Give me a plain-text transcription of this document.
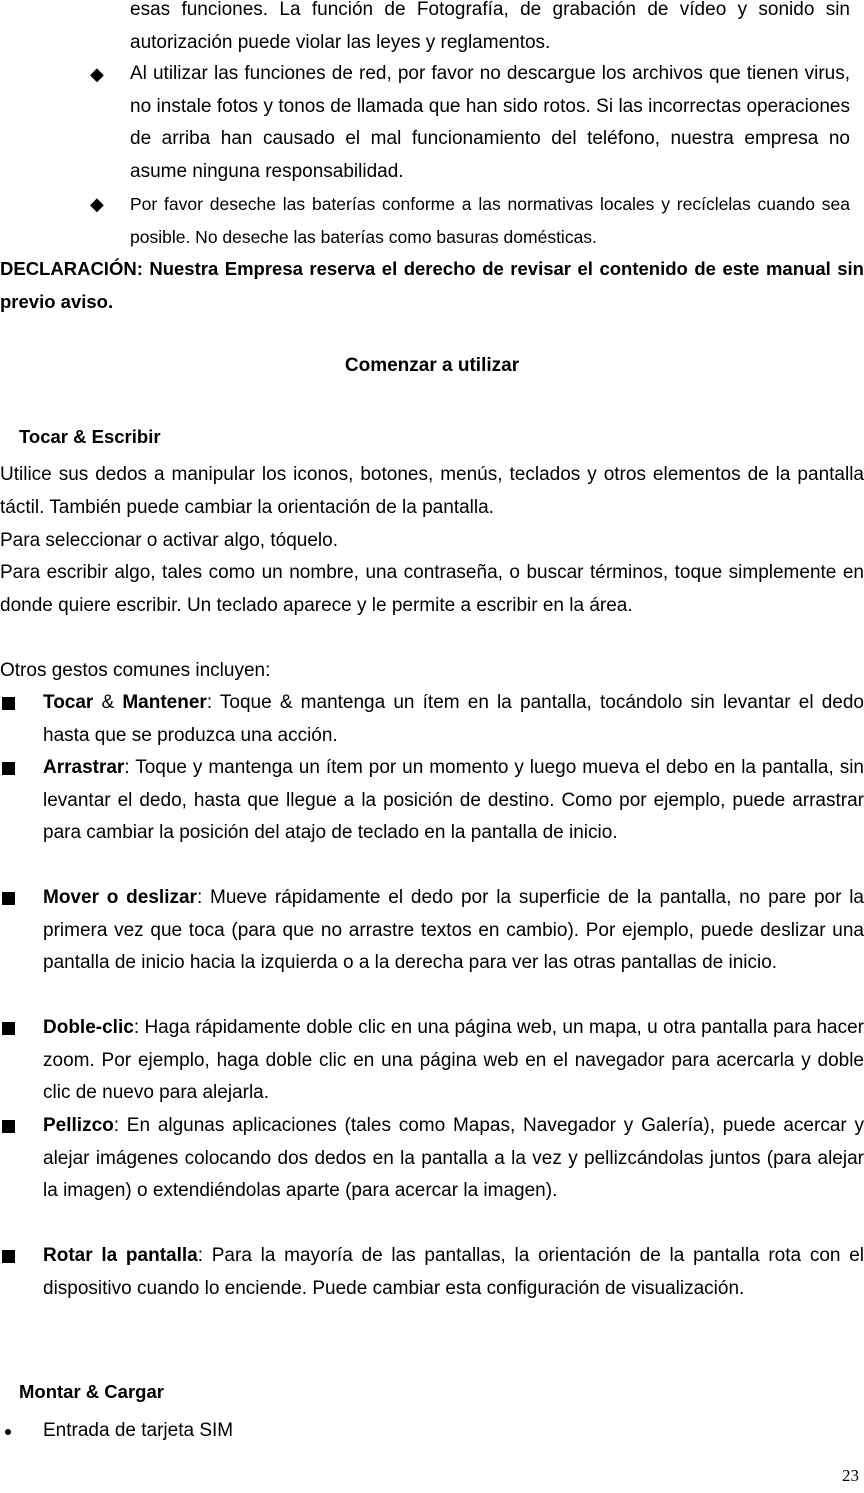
esas funciones. La función de Fotografía, de grabación de vídeo y sonido sin autorización puede violar las leyes y reglamentos.
◆ Al utilizar las funciones de red, por favor no descargue los archivos que tienen virus, no instale fotos y tonos de llamada que han sido rotos. Si las incorrectas operaciones de arriba han causado el mal funcionamiento del teléfono, nuestra empresa no asume ninguna responsabilidad.
◆ Por favor deseche las baterías conforme a las normativas locales y recíclelas cuando sea posible. No deseche las baterías como basuras domésticas.
DECLARACIÓN: Nuestra Empresa reserva el derecho de revisar el contenido de este manual sin previo aviso.
Comenzar a utilizar
Tocar & Escribir
Utilice sus dedos a manipular los iconos, botones, menús, teclados y otros elementos de la pantalla táctil. También puede cambiar la orientación de la pantalla.
Para seleccionar o activar algo, tóquelo.
Para escribir algo, tales como un nombre, una contraseña, o buscar términos, toque simplemente en donde quiere escribir. Un teclado aparece y le permite a escribir en la área.
Otros gestos comunes incluyen:
Tocar & Mantener: Toque & mantenga un ítem en la pantalla, tocándolo sin levantar el dedo hasta que se produzca una acción.
Arrastrar: Toque y mantenga un ítem por un momento y luego mueva el debo en la pantalla, sin levantar el dedo, hasta que llegue a la posición de destino. Como por ejemplo, puede arrastrar para cambiar la posición del atajo de teclado en la pantalla de inicio.
Mover o deslizar: Mueve rápidamente el dedo por la superficie de la pantalla, no pare por la primera vez que toca (para que no arrastre textos en cambio). Por ejemplo, puede deslizar una pantalla de inicio hacia la izquierda o a la derecha para ver las otras pantallas de inicio.
Doble-clic: Haga rápidamente doble clic en una página web, un mapa, u otra pantalla para hacer zoom. Por ejemplo, haga doble clic en una página web en el navegador para acercarla y doble clic de nuevo para alejarla.
Pellizco: En algunas aplicaciones (tales como Mapas, Navegador y Galería), puede acercar y alejar imágenes colocando dos dedos en la pantalla a la vez y pellizcándolas juntos (para alejar la imagen) o extendiéndolas aparte (para acercar la imagen).
Rotar la pantalla: Para la mayoría de las pantallas, la orientación de la pantalla rota con el dispositivo cuando lo enciende. Puede cambiar esta configuración de visualización.
Montar & Cargar
Entrada de tarjeta SIM
23
